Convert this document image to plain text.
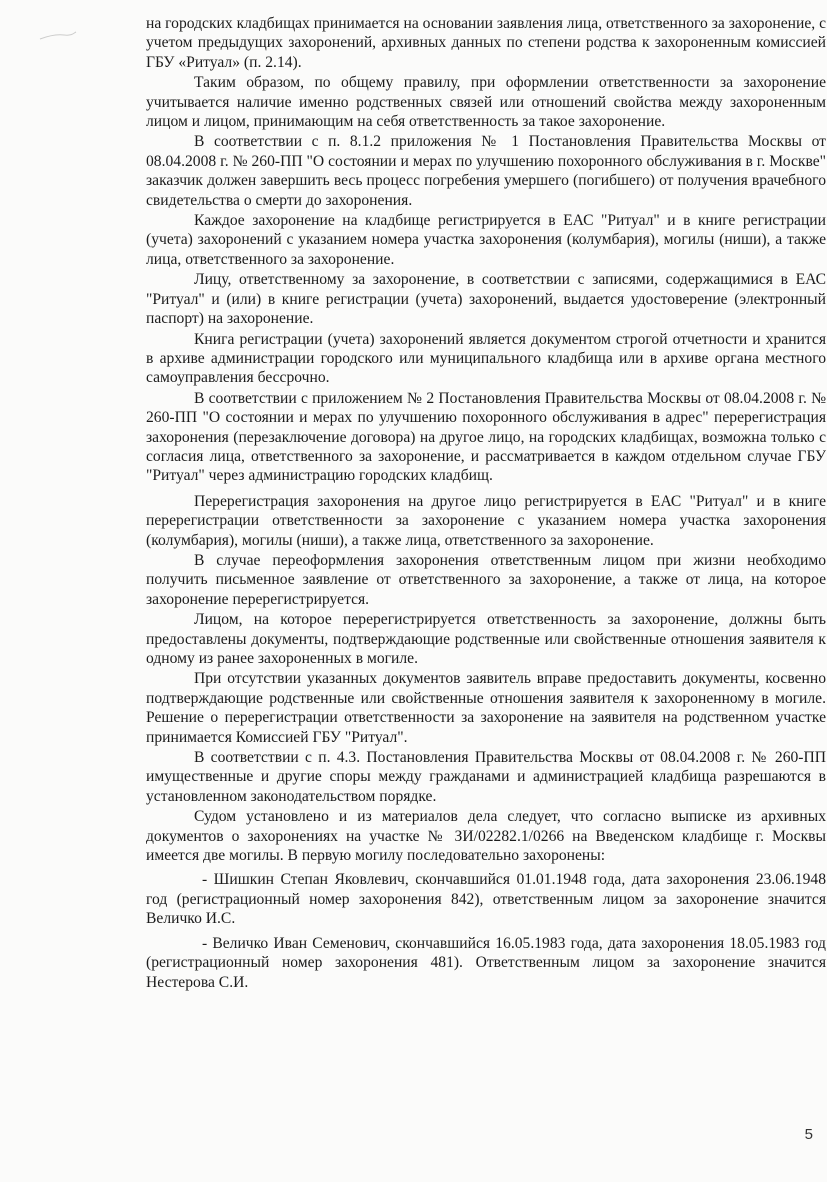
на городских кладбищах принимается на основании заявления лица, ответственного за захоронение, с учетом предыдущих захоронений, архивных данных по степени родства к захороненным комиссией ГБУ «Ритуал» (п. 2.14).

Таким образом, по общему правилу, при оформлении ответственности за захоронение учитывается наличие именно родственных связей или отношений свойства между захороненным лицом и лицом, принимающим на себя ответственность за такое захоронение.

В соответствии с п. 8.1.2 приложения № 1 Постановления Правительства Москвы от 08.04.2008 г. № 260-ПП "О состоянии и мерах по улучшению похоронного обслуживания в г. Москве" заказчик должен завершить весь процесс погребения умершего (погибшего) от получения врачебного свидетельства о смерти до захоронения.

Каждое захоронение на кладбище регистрируется в ЕАС "Ритуал" и в книге регистрации (учета) захоронений с указанием номера участка захоронения (колумбария), могилы (ниши), а также лица, ответственного за захоронение.

Лицу, ответственному за захоронение, в соответствии с записями, содержащимися в ЕАС "Ритуал" и (или) в книге регистрации (учета) захоронений, выдается удостоверение (электронный паспорт) на захоронение.

Книга регистрации (учета) захоронений является документом строгой отчетности и хранится в архиве администрации городского или муниципального кладбища или в архиве органа местного самоуправления бессрочно.

В соответствии с приложением № 2 Постановления Правительства Москвы от 08.04.2008 г. № 260-ПП "О состоянии и мерах по улучшению похоронного обслуживания в адрес" перерегистрация захоронения (перезаключение договора) на другое лицо, на городских кладбищах, возможна только с согласия лица, ответственного за захоронение, и рассматривается в каждом отдельном случае ГБУ "Ритуал" через администрацию городских кладбищ.

Перерегистрация захоронения на другое лицо регистрируется в ЕАС "Ритуал" и в книге перерегистрации ответственности за захоронение с указанием номера участка захоронения (колумбария), могилы (ниши), а также лица, ответственного за захоронение.

В случае переоформления захоронения ответственным лицом при жизни необходимо получить письменное заявление от ответственного за захоронение, а также от лица, на которое захоронение перерегистрируется.

Лицом, на которое перерегистрируется ответственность за захоронение, должны быть предоставлены документы, подтверждающие родственные или свойственные отношения заявителя к одному из ранее захороненных в могиле.

При отсутствии указанных документов заявитель вправе предоставить документы, косвенно подтверждающие родственные или свойственные отношения заявителя к захороненному в могиле. Решение о перерегистрации ответственности за захоронение на заявителя на родственном участке принимается Комиссией ГБУ "Ритуал".

В соответствии с п. 4.3. Постановления Правительства Москвы от 08.04.2008 г. № 260-ПП имущественные и другие споры между гражданами и администрацией кладбища разрешаются в установленном законодательством порядке.

Судом установлено и из материалов дела следует, что согласно выписке из архивных документов о захоронениях на участке № ЗИ/02282.1/0266 на Введенском кладбище г. Москвы имеется две могилы. В первую могилу последовательно захоронены:

- Шишкин Степан Яковлевич, скончавшийся 01.01.1948 года, дата захоронения 23.06.1948 год (регистрационный номер захоронения 842), ответственным лицом за захоронение значится Величко И.С.

- Величко Иван Семенович, скончавшийся 16.05.1983 года, дата захоронения 18.05.1983 год (регистрационный номер захоронения 481). Ответственным лицом за захоронение значится Нестерова С.И.

5
